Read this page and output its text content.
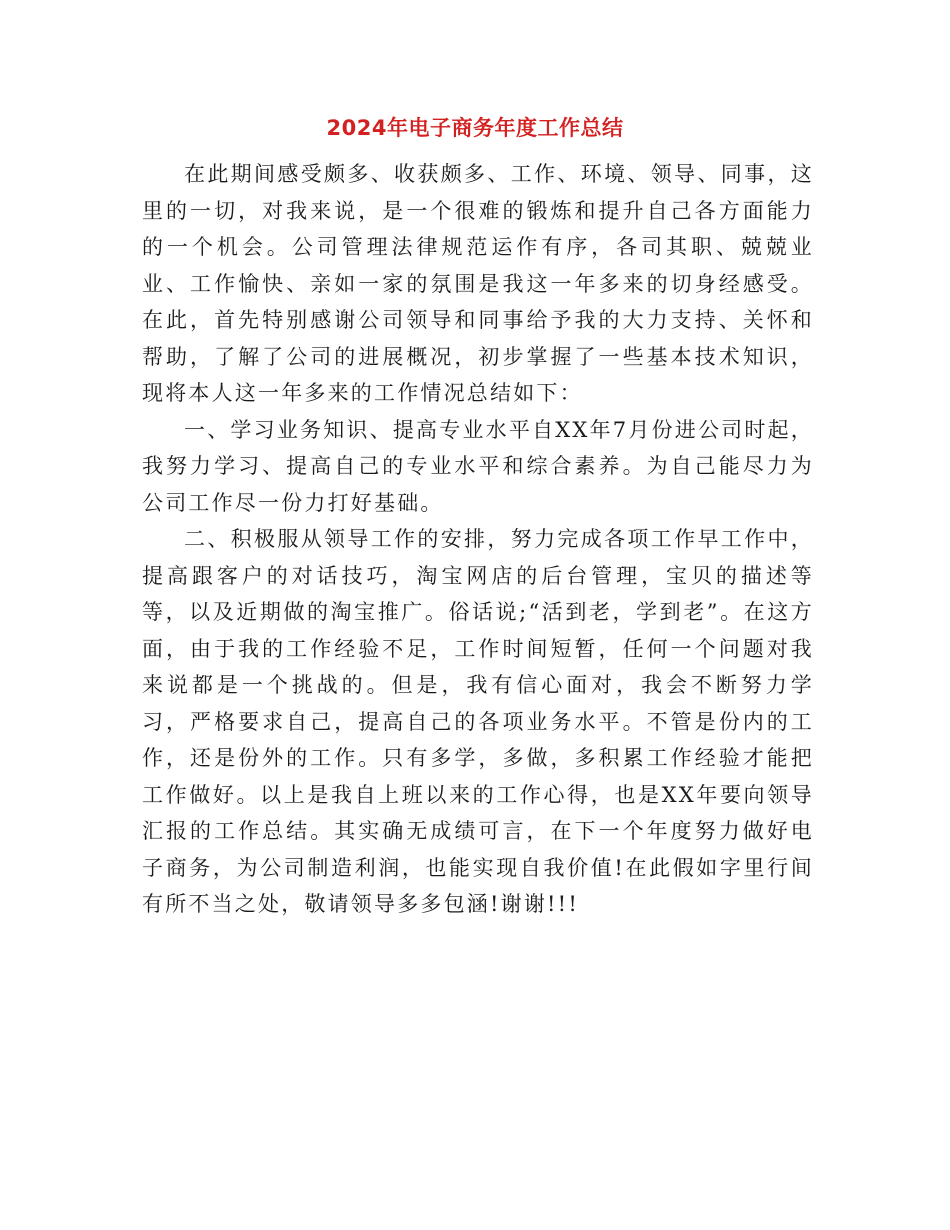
2024年电子商务年度工作总结

在此期间感受颇多、收获颇多、工作、环境、领导、同事，这里的一切，对我来说，是一个很难的锻炼和提升自己各方面能力的一个机会。公司管理法律规范运作有序，各司其职、兢兢业业、工作愉快、亲如一家的氛围是我这一年多来的切身经感受。在此，首先特别感谢公司领导和同事给予我的大力支持、关怀和帮助，了解了公司的进展概况，初步掌握了一些基本技术知识，现将本人这一年多来的工作情况总结如下：

一、学习业务知识、提高专业水平自XX年7月份进公司时起，我努力学习、提高自己的专业水平和综合素养。为自己能尽力为公司工作尽一份力打好基础。

二、积极服从领导工作的安排，努力完成各项工作早工作中，提高跟客户的对话技巧，淘宝网店的后台管理，宝贝的描述等等，以及近期做的淘宝推广。俗话说;“活到老，学到老”。在这方面，由于我的工作经验不足，工作时间短暂，任何一个问题对我来说都是一个挑战的。但是，我有信心面对，我会不断努力学习，严格要求自己，提高自己的各项业务水平。不管是份内的工作，还是份外的工作。只有多学，多做，多积累工作经验才能把工作做好。以上是我自上班以来的工作心得，也是XX年要向领导汇报的工作总结。其实确无成绩可言，在下一个年度努力做好电子商务，为公司制造利润，也能实现自我价值!在此假如字里行间有所不当之处，敬请领导多多包涵!谢谢!!!
